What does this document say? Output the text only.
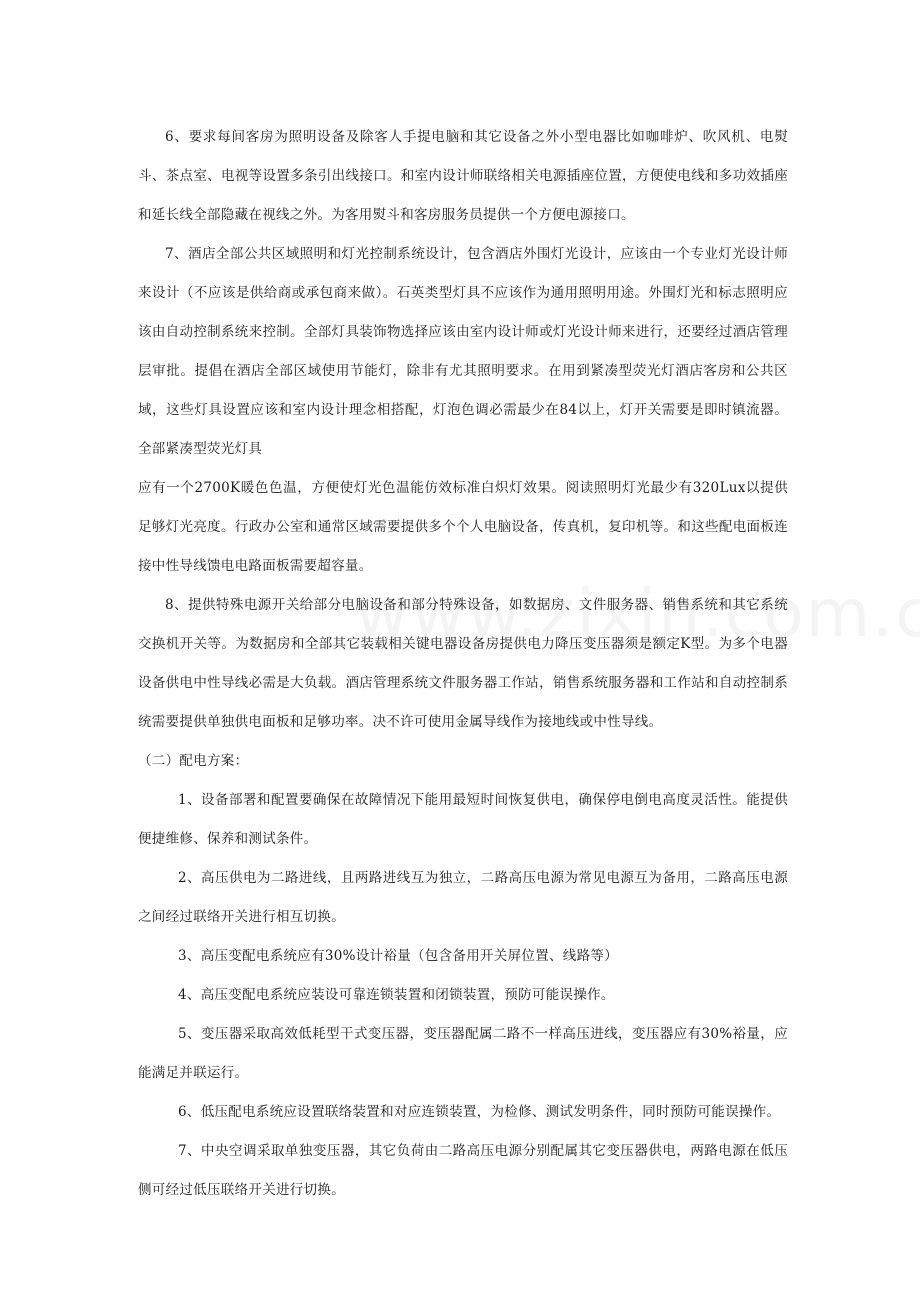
6、要求每间客房为照明设备及除客人手提电脑和其它设备之外小型电器比如咖啡炉、吹风机、电熨斗、茶点室、电视等设置多条引出线接口。和室内设计师联络相关电源插座位置，方便使电线和多功效插座和延长线全部隐藏在视线之外。为客用熨斗和客房服务员提供一个方便电源接口。

7、酒店全部公共区域照明和灯光控制系统设计，包含酒店外围灯光设计，应该由一个专业灯光设计师来设计（不应该是供给商或承包商来做）。石英类型灯具不应该作为通用照明用途。外围灯光和标志照明应该由自动控制系统来控制。全部灯具装饰物选择应该由室内设计师或灯光设计师来进行，还要经过酒店管理层审批。提倡在酒店全部区域使用节能灯，除非有尤其照明要求。在用到紧凑型荧光灯酒店客房和公共区域，这些灯具设置应该和室内设计理念相搭配，灯泡色调必需最少在84以上，灯开关需要是即时镇流器。全部紧凑型荧光灯具

应有一个2700K暖色色温，方便使灯光色温能仿效标准白炽灯效果。阅读照明灯光最少有320Lux以提供足够灯光亮度。行政办公室和通常区域需要提供多个个人电脑设备，传真机，复印机等。和这些配电面板连接中性导线馈电电路面板需要超容量。

8、提供特殊电源开关给部分电脑设备和部分特殊设备，如数据房、文件服务器、销售系统和其它系统交换机开关等。为数据房和全部其它装载相关键电器设备房提供电力降压变压器须是额定K型。为多个电器设备供电中性导线必需是大负载。酒店管理系统文件服务器工作站，销售系统服务器和工作站和自动控制系统需要提供单独供电面板和足够功率。决不许可使用金属导线作为接地线或中性导线。

（二）配电方案：

1、设备部署和配置要确保在故障情况下能用最短时间恢复供电，确保停电倒电高度灵活性。能提供便捷维修、保养和测试条件。

2、高压供电为二路进线，且两路进线互为独立，二路高压电源为常见电源互为备用，二路高压电源之间经过联络开关进行相互切换。

3、高压变配电系统应有30%设计裕量（包含备用开关屏位置、线路等）

4、高压变配电系统应装设可靠连锁装置和闭锁装置，预防可能误操作。

5、变压器采取高效低耗型干式变压器，变压器配属二路不一样高压进线，变压器应有30%裕量，应能满足并联运行。

6、低压配电系统应设置联络装置和对应连锁装置，为检修、测试发明条件，同时预防可能误操作。

7、中央空调采取单独变压器，其它负荷由二路高压电源分别配属其它变压器供电，两路电源在低压侧可经过低压联络开关进行切换。
